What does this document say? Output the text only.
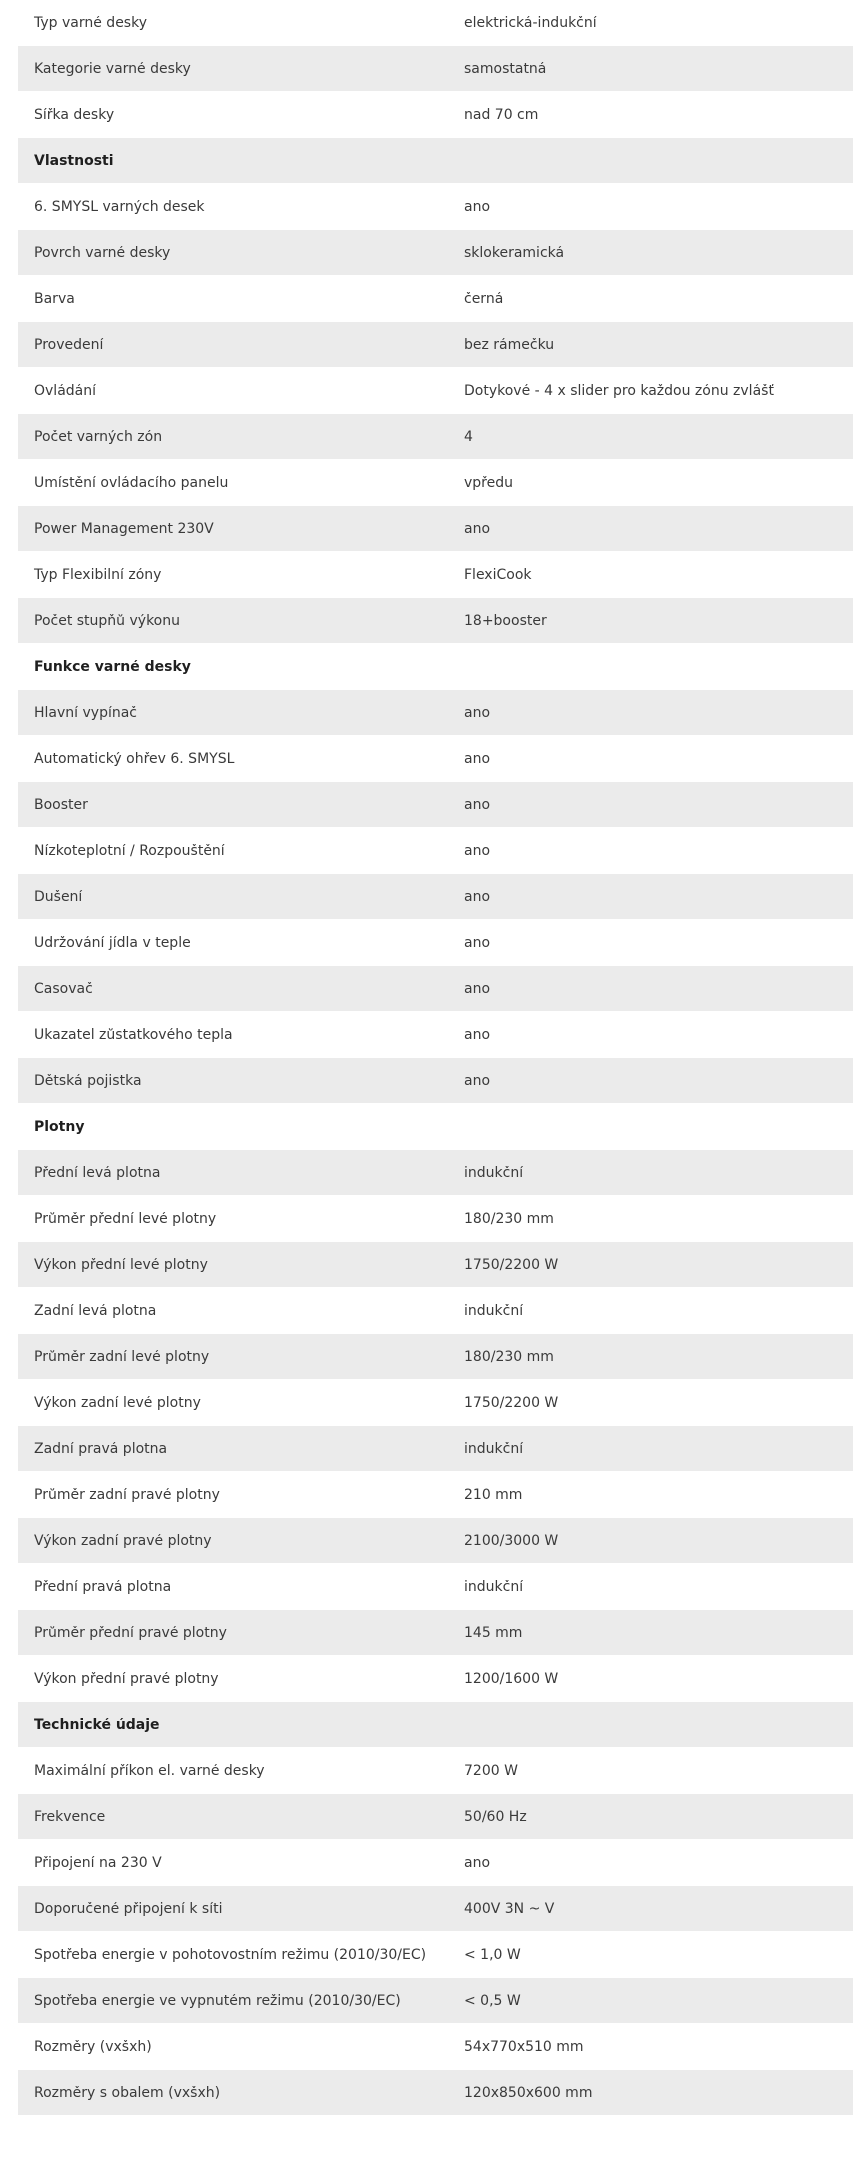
Typ varné desky	elektrická-indukční
Kategorie varné desky	samostatná
Šířka desky	nad 70 cm
Vlastnosti
6. SMYSL varných desek	ano
Povrch varné desky	sklokeramická
Barva	černá
Provedení	bez rámečku
Ovládání	Dotykové - 4 x slider pro každou zónu zvlášť
Počet varných zón	4
Umístění ovládacího panelu	vpředu
Power Management 230V	ano
Typ Flexibilní zóny	FlexiCook
Počet stupňů výkonu	18+booster
Funkce varné desky
Hlavní vypínač	ano
Automatický ohřev 6. SMYSL	ano
Booster	ano
Nízkoteplotní / Rozpouštění	ano
Dušení	ano
Udržování jídla v teple	ano
Časovač	ano
Ukazatel zůstatkového tepla	ano
Dětská pojistka	ano
Plotny
Přední levá plotna	indukční
Průměr přední levé plotny	180/230 mm
Výkon přední levé plotny	1750/2200 W
Zadní levá plotna	indukční
Průměr zadní levé plotny	180/230 mm
Výkon zadní levé plotny	1750/2200 W
Zadní pravá plotna	indukční
Průměr zadní pravé plotny	210 mm
Výkon zadní pravé plotny	2100/3000 W
Přední pravá plotna	indukční
Průměr přední pravé plotny	145 mm
Výkon přední pravé plotny	1200/1600 W
Technické údaje
Maximální příkon el. varné desky	7200 W
Frekvence	50/60 Hz
Připojení na 230 V	ano
Doporučené připojení k síti	400V 3N ~ V
Spotřeba energie v pohotovostním režimu (2010/30/EC)	< 1,0 W
Spotřeba energie ve vypnutém režimu (2010/30/EC)	< 0,5 W
Rozměry (vxšxh)	54x770x510 mm
Rozměry s obalem (vxšxh)	120x850x600 mm
